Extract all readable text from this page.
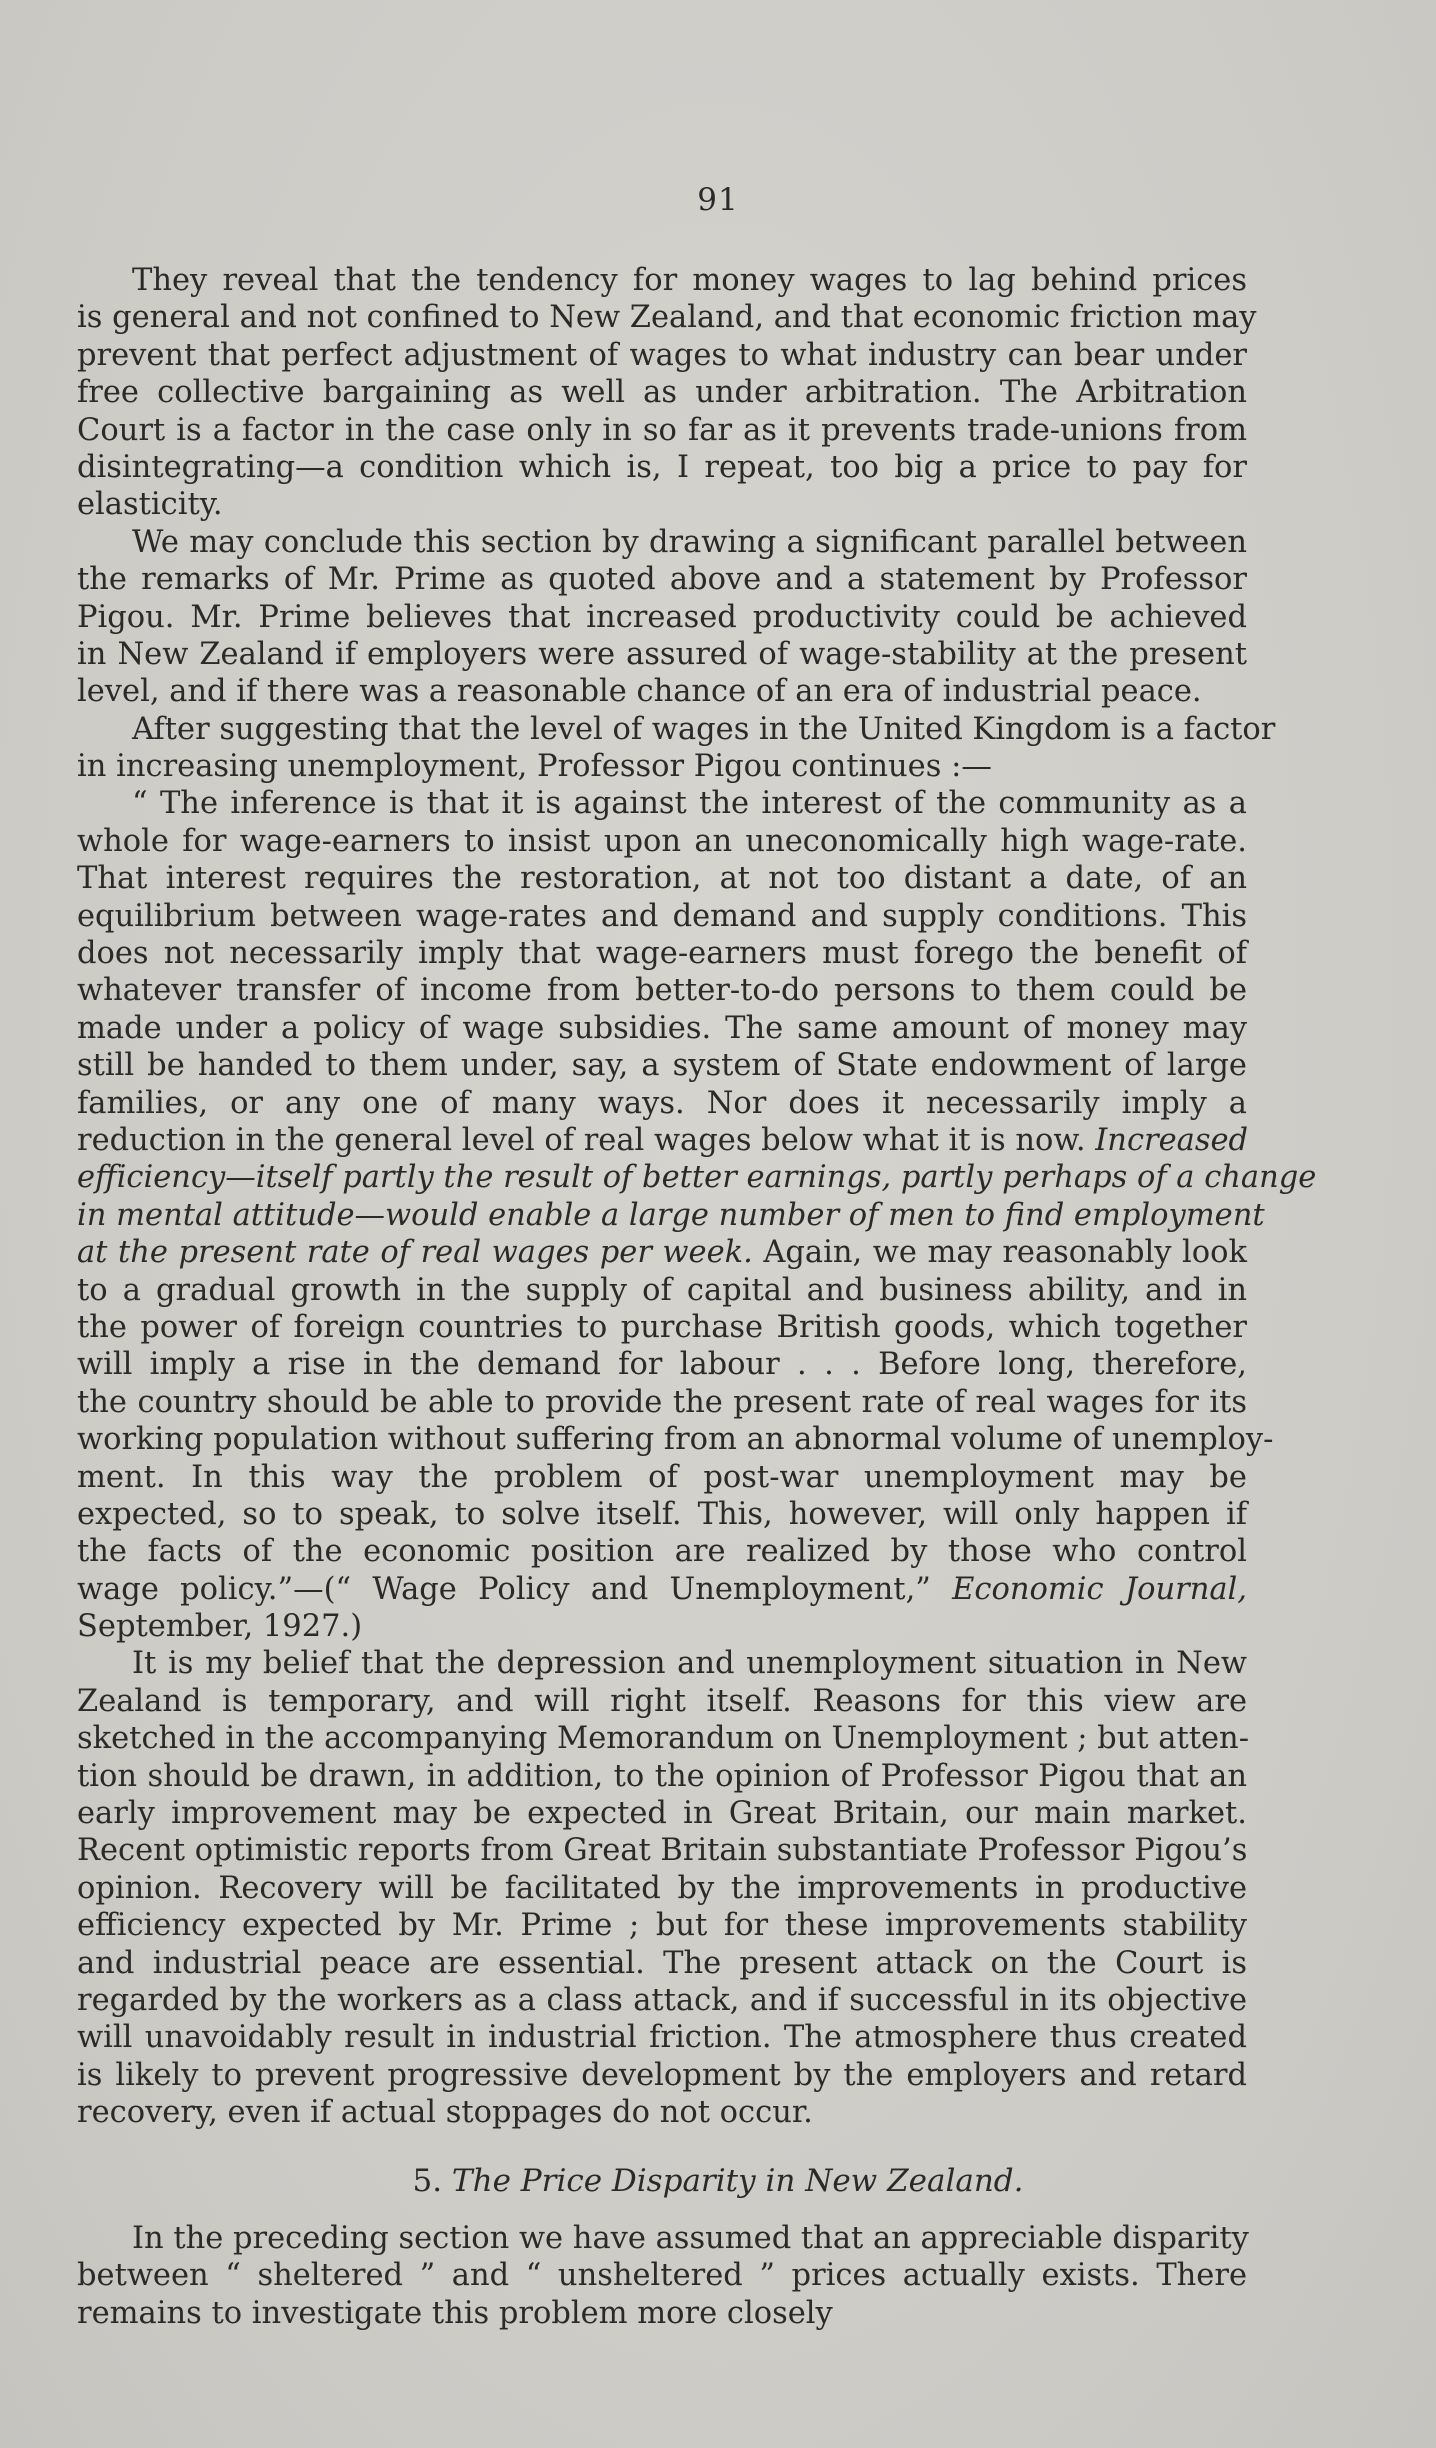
91
They reveal that the tendency for money wages to lag behind prices
is general and not confined to New Zealand, and that economic friction may
prevent that perfect adjustment of wages to what industry can bear under
free collective bargaining as well as under arbitration. The Arbitration
Court is a factor in the case only in so far as it prevents trade-unions from
disintegrating—a condition which is, I repeat, too big a price to pay for
elasticity.
We may conclude this section by drawing a significant parallel between
the remarks of Mr. Prime as quoted above and a statement by Professor
Pigou. Mr. Prime believes that increased productivity could be achieved
in New Zealand if employers were assured of wage-stability at the present
level, and if there was a reasonable chance of an era of industrial peace.
After suggesting that the level of wages in the United Kingdom is a factor
in increasing unemployment, Professor Pigou continues :—
“ The inference is that it is against the interest of the community as a
whole for wage-earners to insist upon an uneconomically high wage-rate.
That interest requires the restoration, at not too distant a date, of an
equilibrium between wage-rates and demand and supply conditions. This
does not necessarily imply that wage-earners must forego the benefit of
whatever transfer of income from better-to-do persons to them could be
made under a policy of wage subsidies. The same amount of money may
still be handed to them under, say, a system of State endowment of large
families, or any one of many ways. Nor does it necessarily imply a
reduction in the general level of real wages below what it is now. Increased
efficiency—itself partly the result of better earnings, partly perhaps of a change
in mental attitude—would enable a large number of men to find employment
at the present rate of real wages per week. Again, we may reasonably look
to a gradual growth in the supply of capital and business ability, and in
the power of foreign countries to purchase British goods, which together
will imply a rise in the demand for labour . . . Before long, therefore,
the country should be able to provide the present rate of real wages for its
working population without suffering from an abnormal volume of unemploy-
ment. In this way the problem of post-war unemployment may be
expected, so to speak, to solve itself. This, however, will only happen if
the facts of the economic position are realized by those who control
wage policy.”—(“ Wage Policy and Unemployment,” Economic Journal,
September, 1927.)
It is my belief that the depression and unemployment situation in New
Zealand is temporary, and will right itself. Reasons for this view are
sketched in the accompanying Memorandum on Unemployment ; but atten-
tion should be drawn, in addition, to the opinion of Professor Pigou that an
early improvement may be expected in Great Britain, our main market.
Recent optimistic reports from Great Britain substantiate Professor Pigou’s
opinion. Recovery will be facilitated by the improvements in productive
efficiency expected by Mr. Prime ; but for these improvements stability
and industrial peace are essential. The present attack on the Court is
regarded by the workers as a class attack, and if successful in its objective
will unavoidably result in industrial friction. The atmosphere thus created
is likely to prevent progressive development by the employers and retard
recovery, even if actual stoppages do not occur.
5. The Price Disparity in New Zealand.
In the preceding section we have assumed that an appreciable disparity
between “ sheltered ” and “ unsheltered ” prices actually exists. There
remains to investigate this problem more closely
